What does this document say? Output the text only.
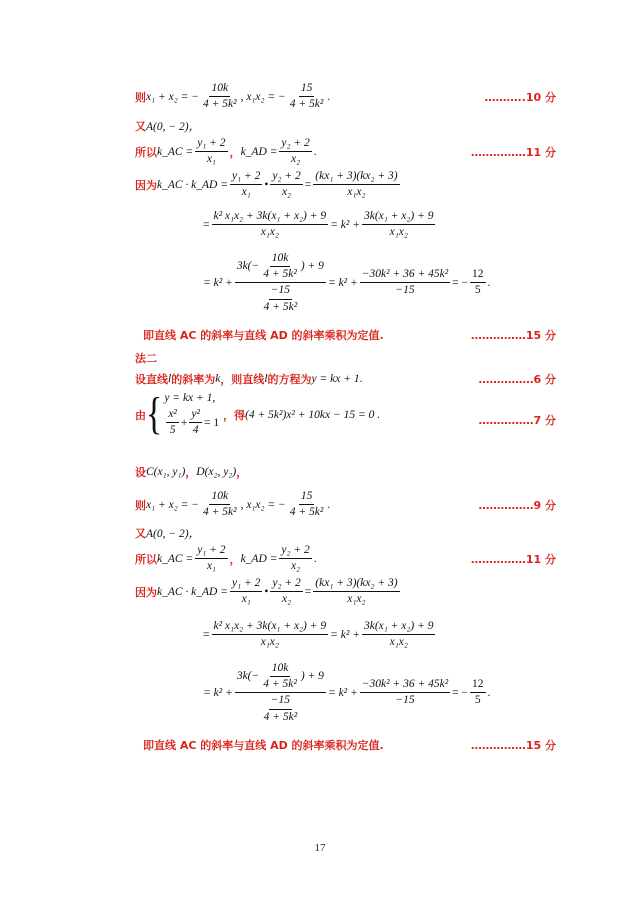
则 x₁ + x₂ = − $\frac{10k}{\text{4 + 5k²}}$ , x₁x₂ = − $\frac{15}{\text{4 + 5k²}}$ .	………..10 分
又 A(0, − 2)，
所以 k_AC = $\frac{\text{y₁ + 2}}{\text{x₁}}$ ， k_AD = $\frac{\text{y₂ + 2}}{\text{x₂}}$ .	……………11 分
因为 k_AC · k_AD = $\frac{\text{y₁ + 2}}{\text{x₁}}$ • $\frac{\text{y₂ + 2}}{\text{x₂}} = \frac{\text{(kx₁ + 3)(kx₂ + 3)}}{\text{x₁x₂}}$
= $\frac{\text{k² x₁x₂ + 3k(x₁ + x₂) + 9}}{\text{x₁x₂}} = k^2 + \frac{\text{3k(x₁ + x₂) + 9}}{\text{x₁x₂}}$
= $k^2 + \frac{3k(- \frac{10k}{\text{4 + 5k²}} ) + 9}{\frac{-15}{\text{4 + 5k²}}} = k^2 + \frac{\text{−30k² + 36 + 45k²}}{-15}$ = − $\frac{12}{5}$ .
即直线 AC 的斜率与直线 AD 的斜率乘积为定值.	……………15 分
法二
设直线 l 的斜率为 k ，则直线 l 的方程为 y = kx + 1 .	……………6 分
由 { y = kx + 1,
$\frac{\text{x²}}{5} + \frac{\text{y²}}{4} = 1$
，得 (4 + 5k²)x² + 10kx − 15 = 0 .	……………7 分
设 C(x₁, y₁) ， D(x₂, y₂) ，
则 x₁ + x₂ = − $\frac{10k}{\text{4 + 5k²}}$ , x₁x₂ = − $\frac{15}{\text{4 + 5k²}}$ .	……………9 分
又 A(0, − 2)，
所以 k_AC = $\frac{\text{y₁ + 2}}{\text{x₁}}$ ， k_AD = $\frac{\text{y₂ + 2}}{\text{x₂}}$ .	……………11 分
因为 k_AC · k_AD = $\frac{\text{y₁ + 2}}{\text{x₁}}$ • $\frac{\text{y₂ + 2}}{\text{x₂}} = \frac{\text{(kx₁ + 3)(kx₂ + 3)}}{\text{x₁x₂}}$
= $\frac{\text{k² x₁x₂ + 3k(x₁ + x₂) + 9}}{\text{x₁x₂}} = k^2 + \frac{\text{3k(x₁ + x₂) + 9}}{\text{x₁x₂}}$
= $k^2 + \frac{3k(- \frac{10k}{\text{4 + 5k²}} ) + 9}{\frac{-15}{\text{4 + 5k²}}} = k^2 + \frac{\text{−30k² + 36 + 45k²}}{-15}$ = − $\frac{12}{5}$ .
即直线 AC 的斜率与直线 AD 的斜率乘积为定值.	……………15 分
17
